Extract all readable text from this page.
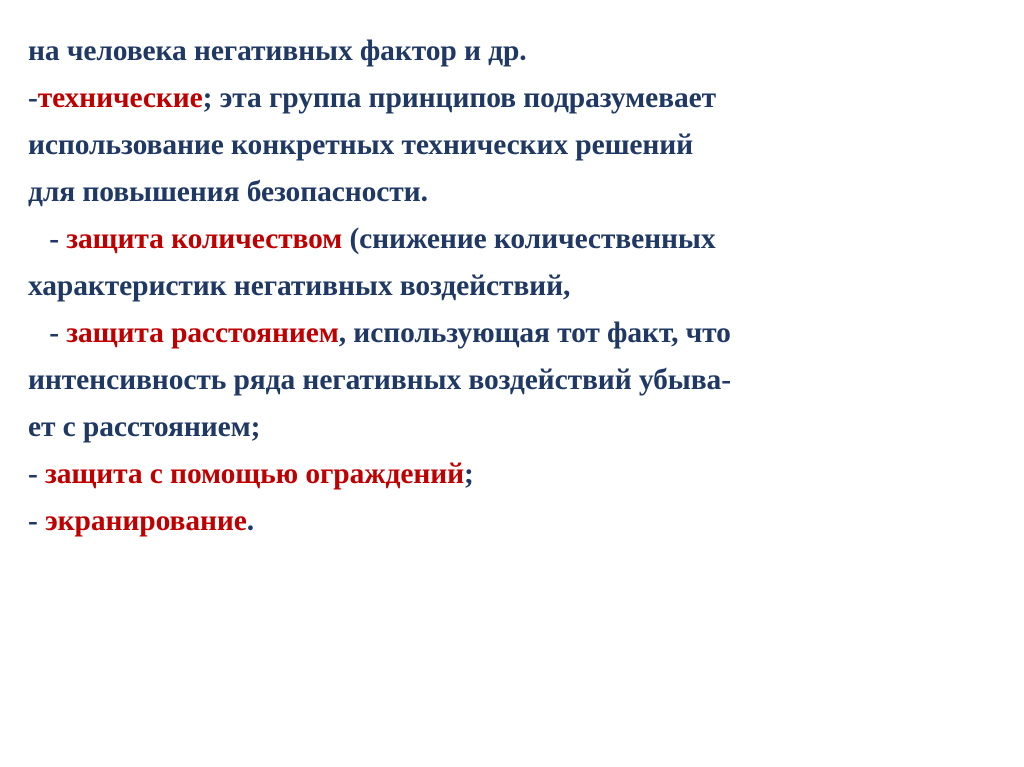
на человека негативных фактор и др.
-технические; эта группа принципов подразумевает
использование конкретных технических решений
для повышения безопасности.
- защита количеством (снижение количественных
характеристик негативных воздействий,
- защита расстоянием, использующая тот факт, что
интенсивность ряда негативных воздействий убыва-
ет с расстоянием;
- защита с помощью ограждений;
- экранирование.
